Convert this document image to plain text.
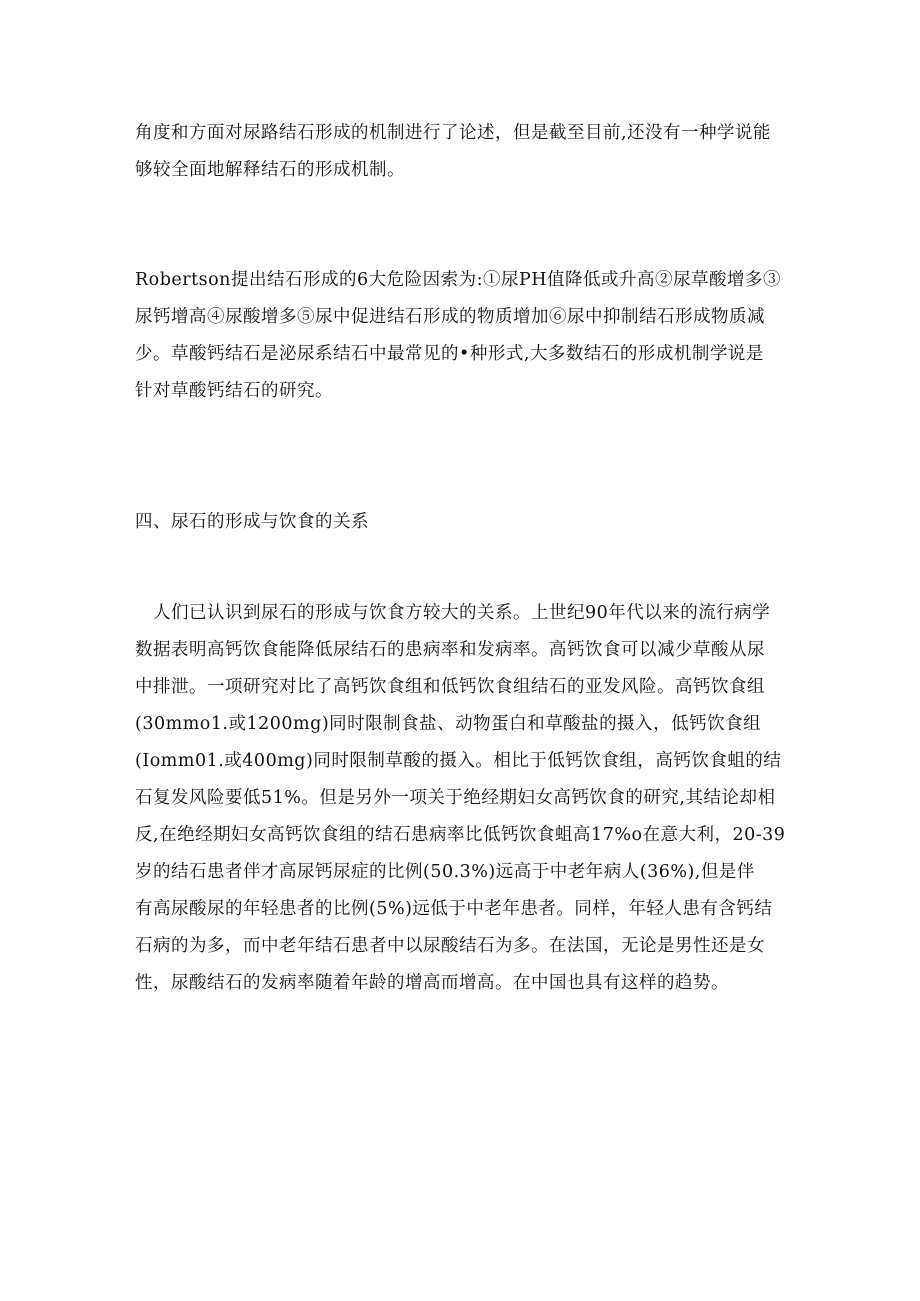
角度和方面对尿路结石形成的机制进行了论述，但是截至目前,还没有一种学说能
够较全面地解释结石的形成机制。

Robertson提出结石形成的6大危险因索为:①尿PH值降低或升高②尿草酸增多③
尿钙增高④尿酸增多⑤尿中促进结石形成的物质增加⑥尿中抑制结石形成物质减
少。草酸钙结石是泌尿系结石中最常见的•种形式,大多数结石的形成机制学说是
针对草酸钙结石的研究。

四、尿石的形成与饮食的关系

　人们已认识到尿石的形成与饮食方较大的关系。上世纪90年代以来的流行病学
数据表明高钙饮食能降低尿结石的患病率和发病率。高钙饮食可以减少草酸从尿
中排泄。一项研究对比了高钙饮食组和低钙饮食组结石的亚发风险。高钙饮食组
(30mmo1.或1200mg)同时限制食盐、动物蛋白和草酸盐的摄入，低钙饮食组
(Iomm01.或400mg)同时限制草酸的摄入。相比于低钙饮食组，高钙饮食蛆的结
石复发风险要低51%。但是另外一项关于绝经期妇女高钙饮食的研究,其结论却相
反,在绝经期妇女高钙饮食组的结石患病率比低钙饮食蛆高17%o在意大利，20-39
岁的结石患者伴才高尿钙尿症的比例(50.3%)远高于中老年病人(36%),但是伴
有高尿酸尿的年轻患者的比例(5%)远低于中老年患者。同样，年轻人患有含钙结
石病的为多，而中老年结石患者中以尿酸结石为多。在法国，无论是男性还是女
性，尿酸结石的发病率随着年龄的增高而增高。在中国也具有这样的趋势。
